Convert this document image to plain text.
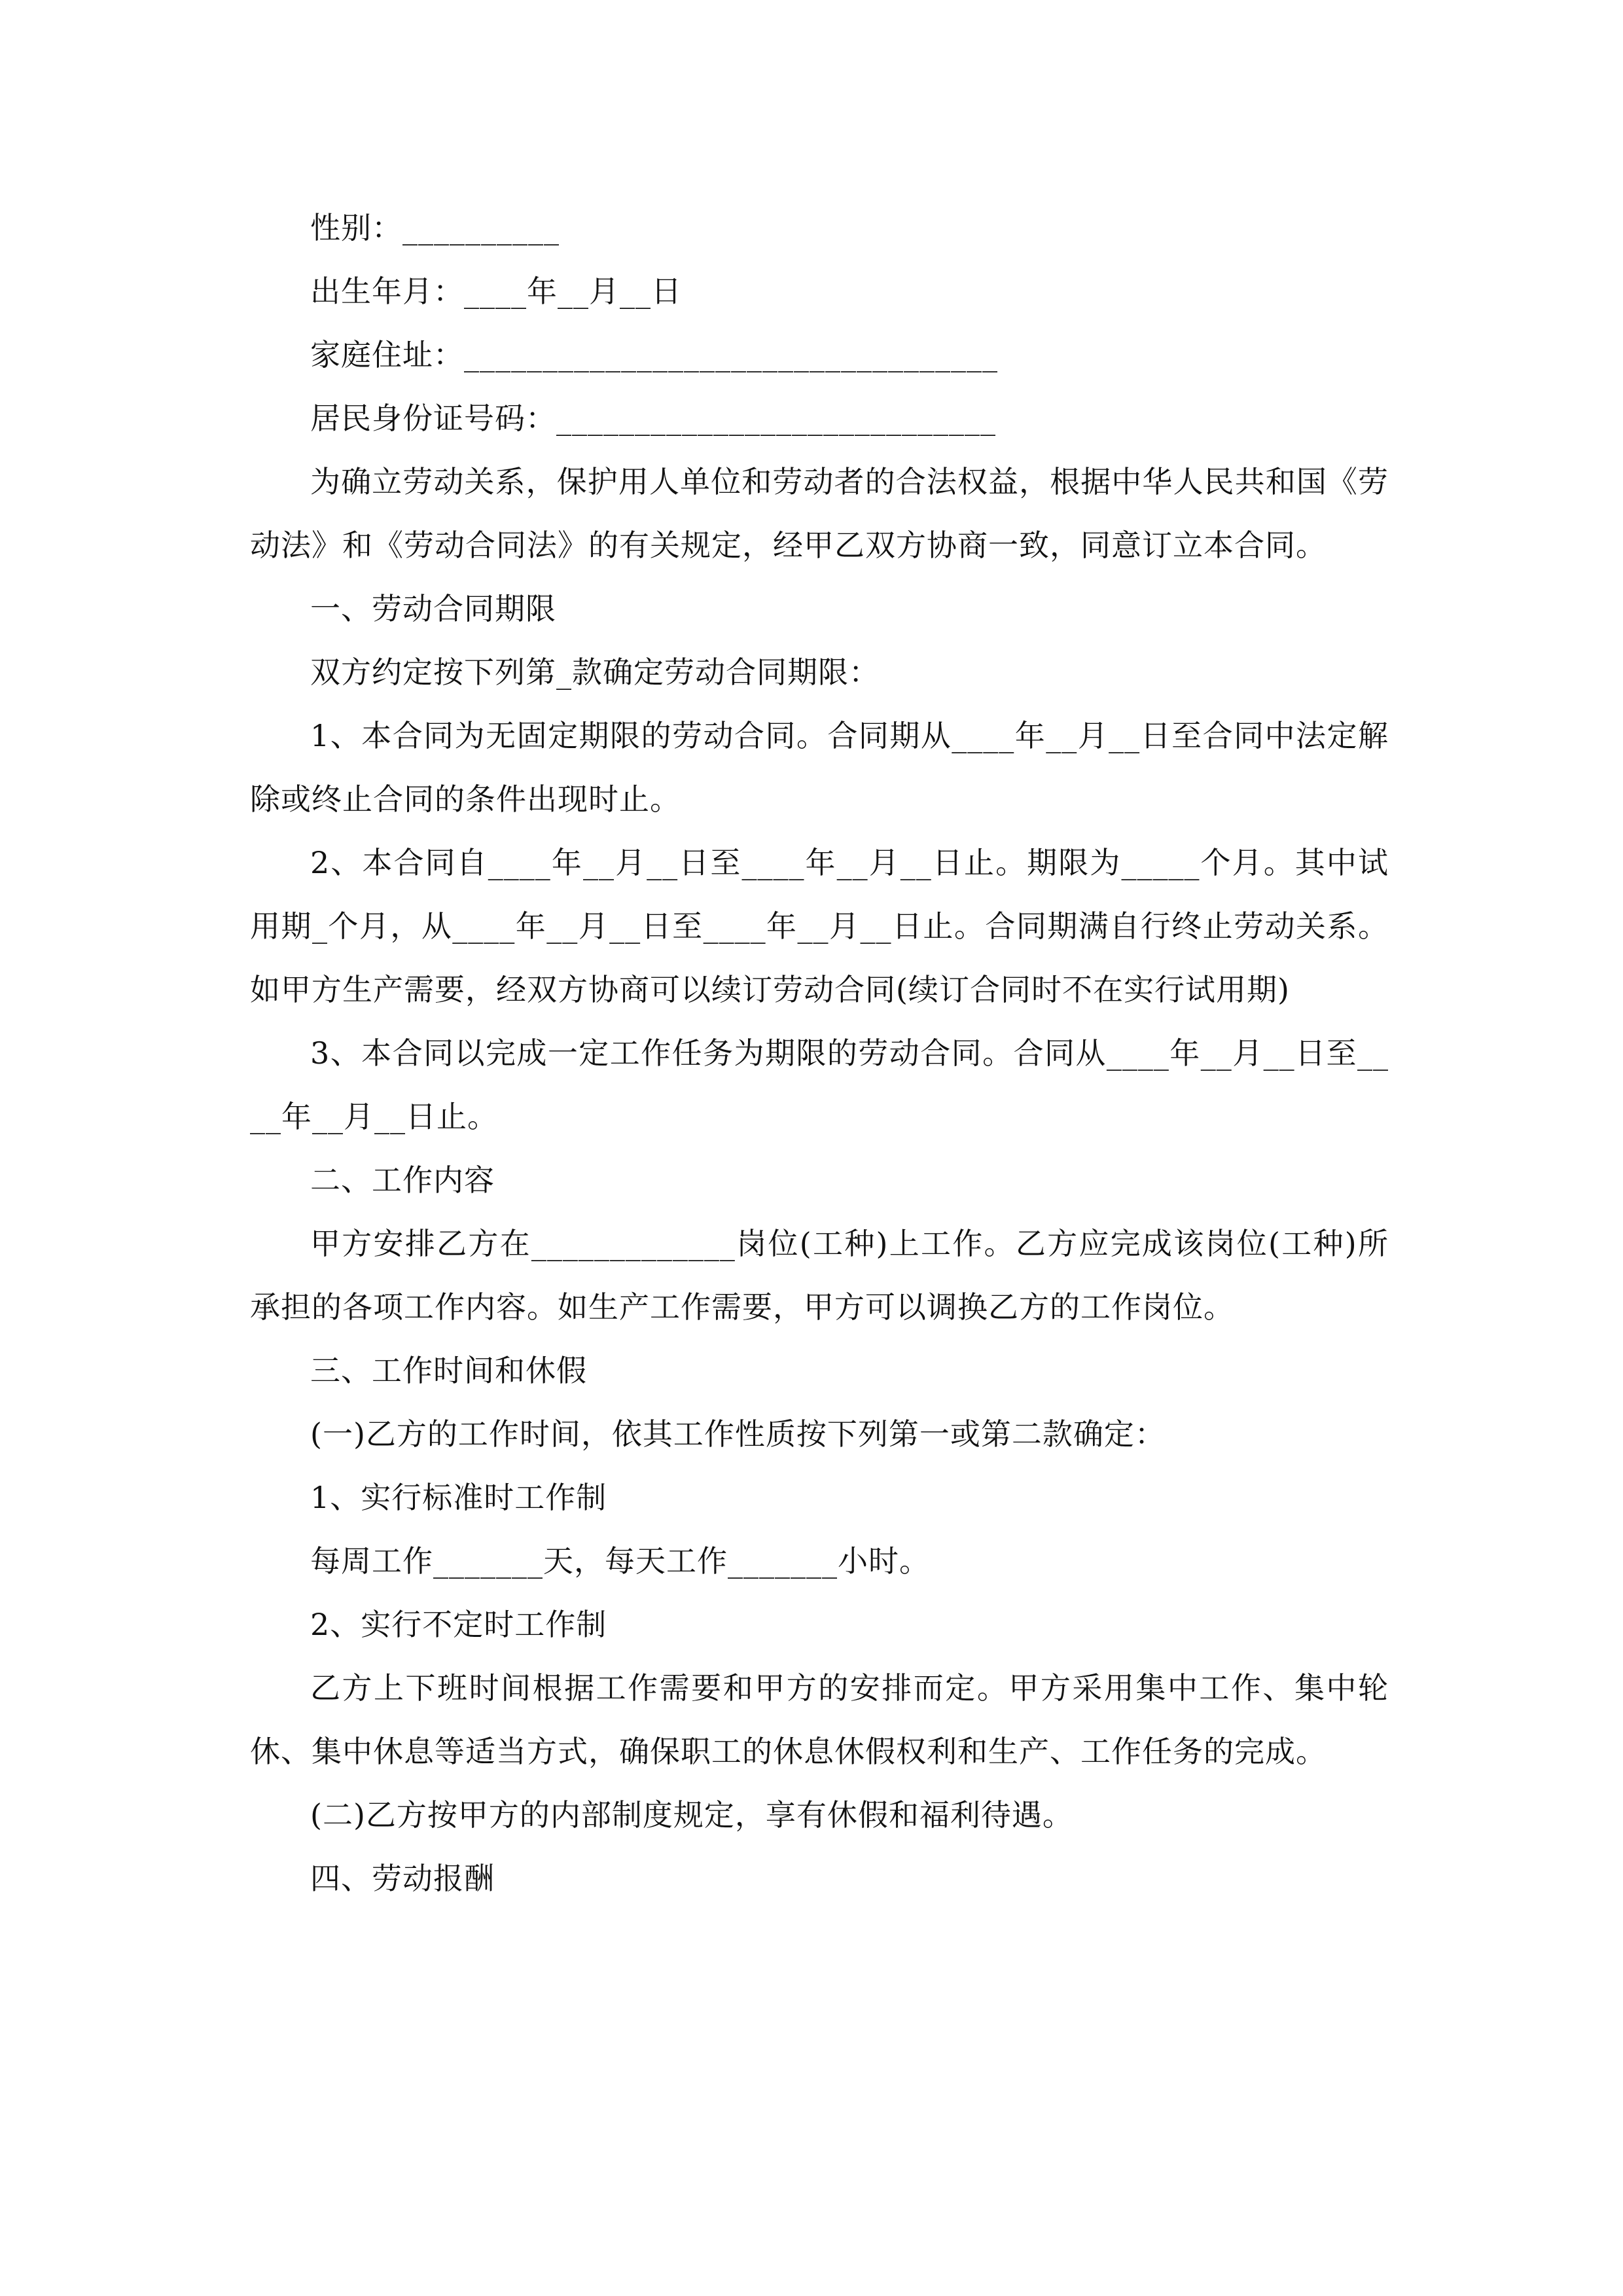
性别：__________

出生年月：____年__月__日

家庭住址：__________________________________

居民身份证号码：____________________________

为确立劳动关系，保护用人单位和劳动者的合法权益，根据中华人民共和国《劳动法》和《劳动合同法》的有关规定，经甲乙双方协商一致，同意订立本合同。

一、劳动合同期限

双方约定按下列第_款确定劳动合同期限：

1、本合同为无固定期限的劳动合同。合同期从____年__月__日至合同中法定解除或终止合同的条件出现时止。

2、本合同自____年__月__日至____年__月__日止。期限为_____个月。其中试用期_个月，从____年__月__日至____年__月__日止。合同期满自行终止劳动关系。如甲方生产需要，经双方协商可以续订劳动合同(续订合同时不在实行试用期)

3、本合同以完成一定工作任务为期限的劳动合同。合同从____年__月__日至____年__月__日止。

二、工作内容

甲方安排乙方在_____________岗位(工种)上工作。乙方应完成该岗位(工种)所承担的各项工作内容。如生产工作需要，甲方可以调换乙方的工作岗位。

三、工作时间和休假

(一)乙方的工作时间，依其工作性质按下列第一或第二款确定：

1、实行标准时工作制

每周工作_______天，每天工作_______小时。

2、实行不定时工作制

乙方上下班时间根据工作需要和甲方的安排而定。甲方采用集中工作、集中轮休、集中休息等适当方式，确保职工的休息休假权利和生产、工作任务的完成。

(二)乙方按甲方的内部制度规定，享有休假和福利待遇。

四、劳动报酬
